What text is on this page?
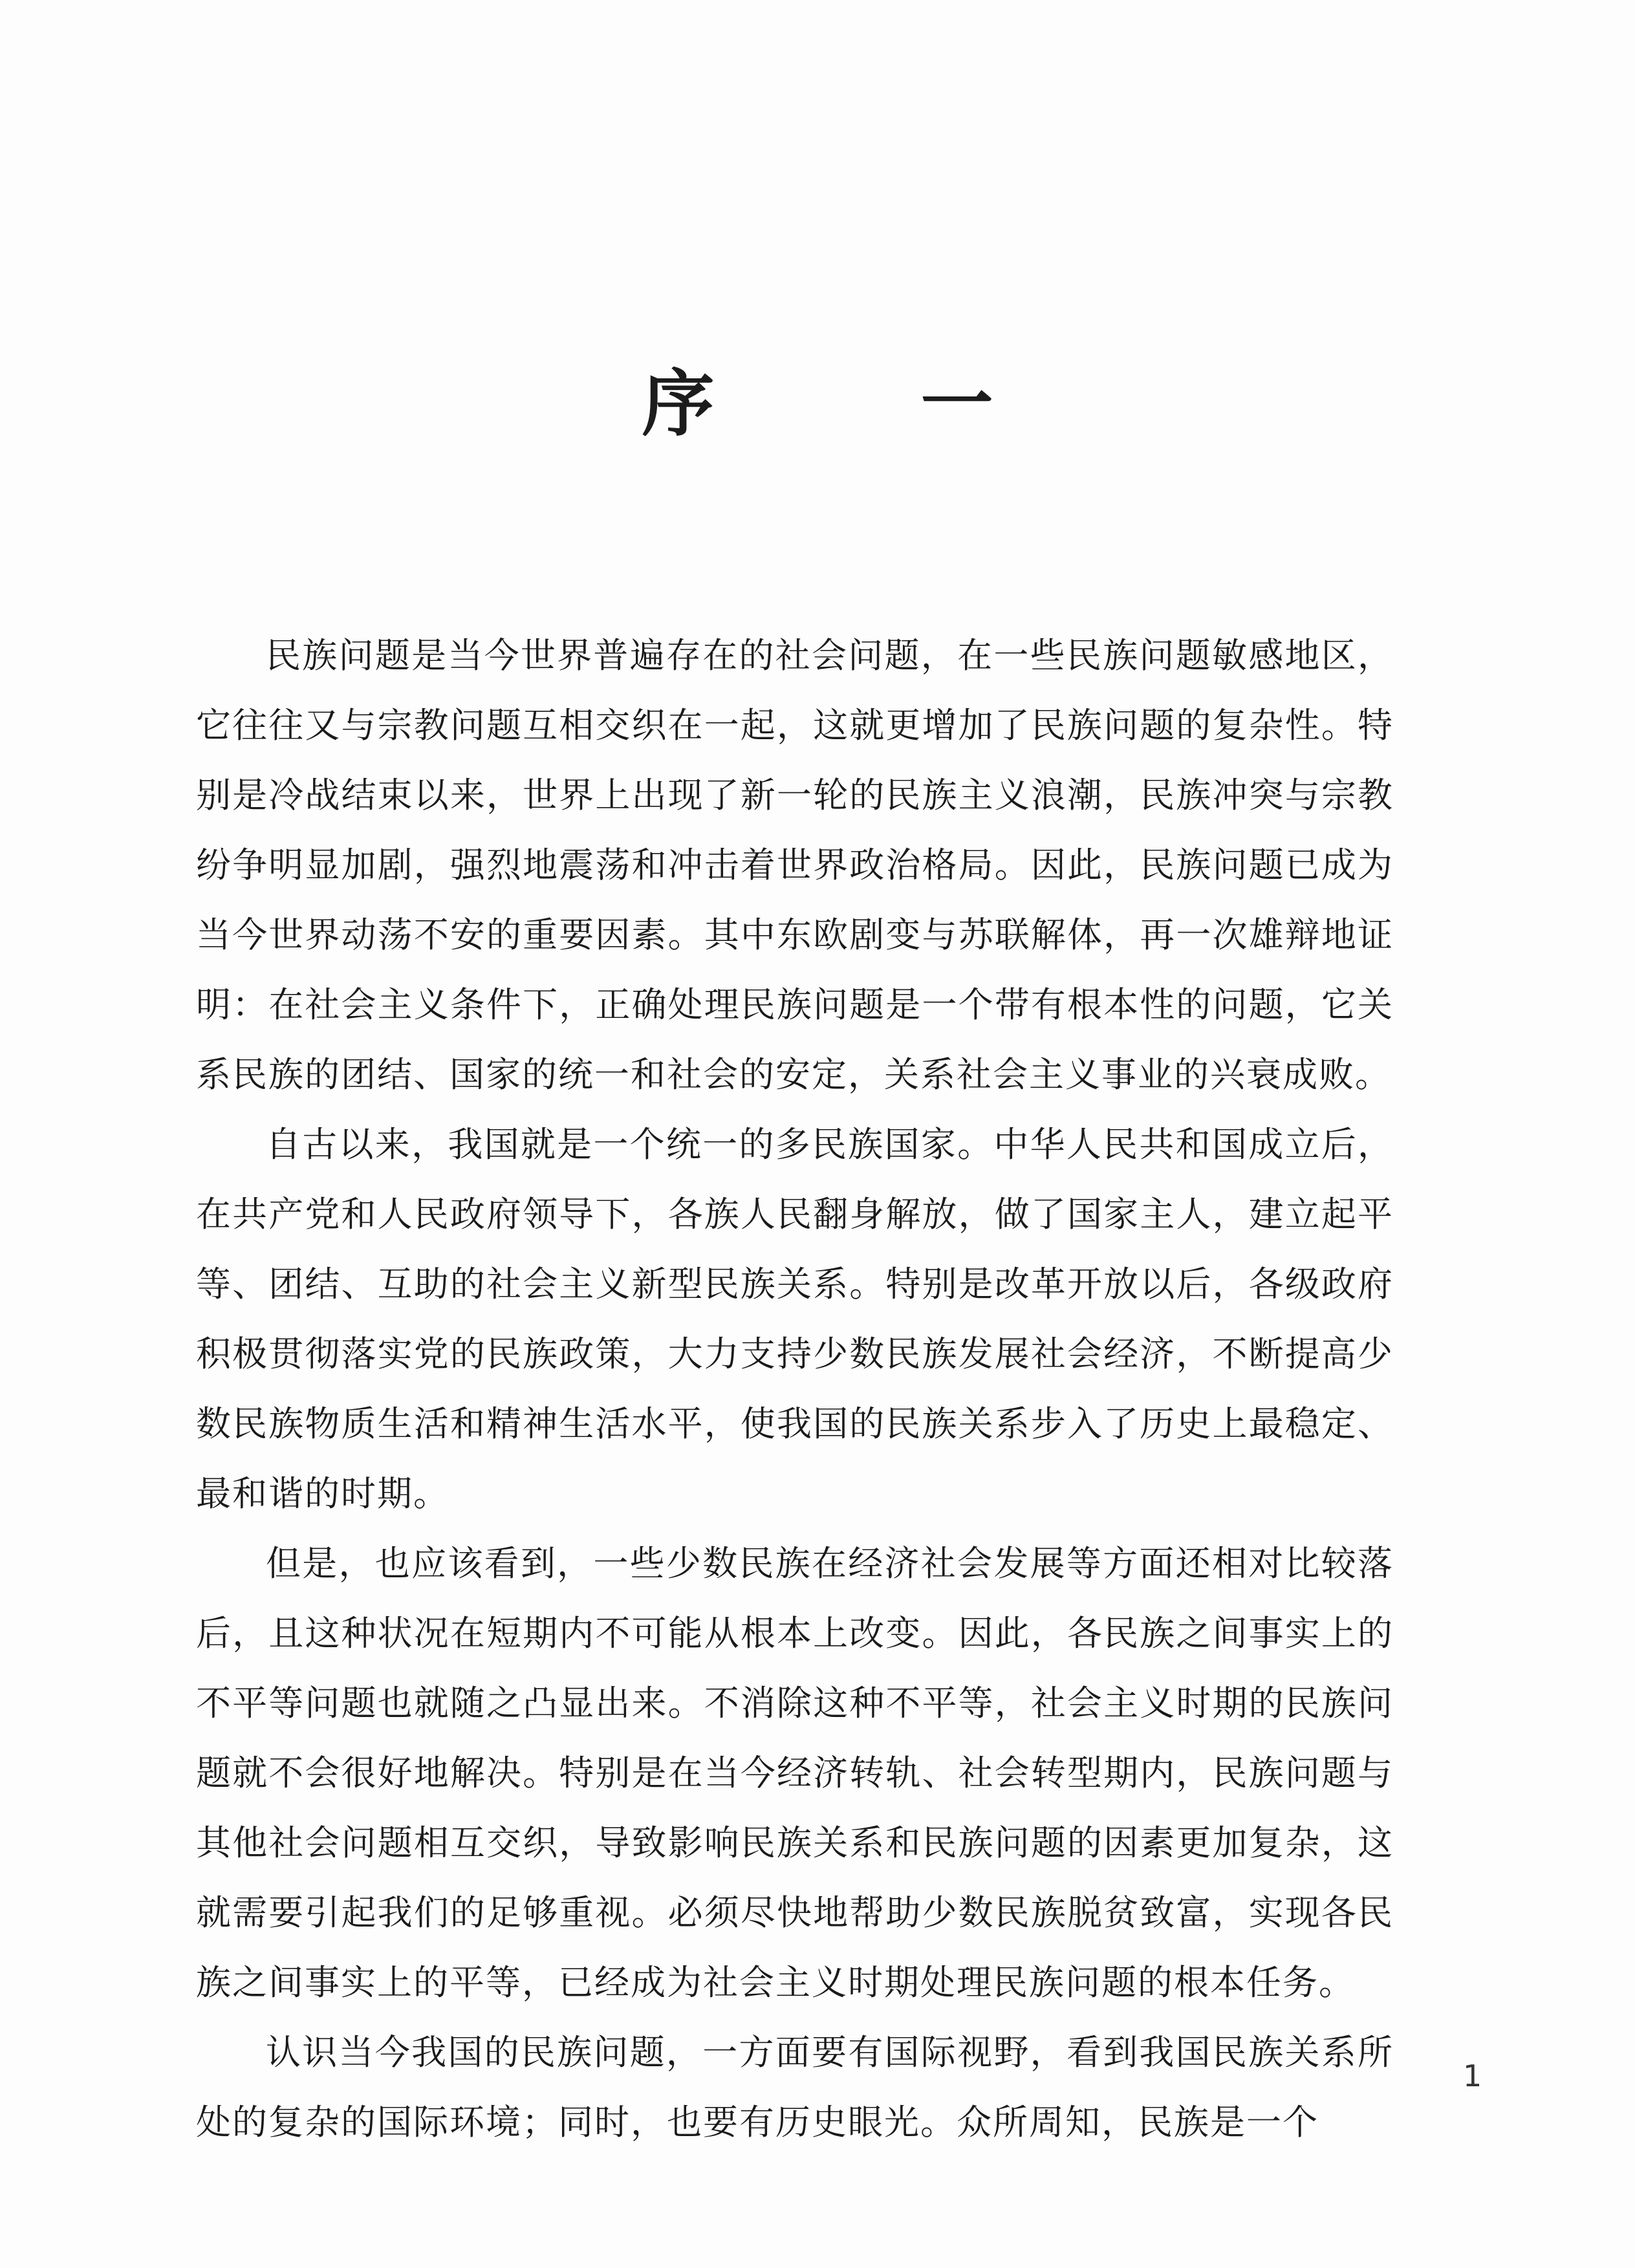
序 一

民族问题是当今世界普遍存在的社会问题，在一些民族问题敏感地区，它往往又与宗教问题互相交织在一起，这就更增加了民族问题的复杂性。特别是冷战结束以来，世界上出现了新一轮的民族主义浪潮，民族冲突与宗教纷争明显加剧，强烈地震荡和冲击着世界政治格局。因此，民族问题已成为当今世界动荡不安的重要因素。其中东欧剧变与苏联解体，再一次雄辩地证明：在社会主义条件下，正确处理民族问题是一个带有根本性的问题，它关系民族的团结、国家的统一和社会的安定，关系社会主义事业的兴衰成败。

自古以来，我国就是一个统一的多民族国家。中华人民共和国成立后，在共产党和人民政府领导下，各族人民翻身解放，做了国家主人，建立起平等、团结、互助的社会主义新型民族关系。特别是改革开放以后，各级政府积极贯彻落实党的民族政策，大力支持少数民族发展社会经济，不断提高少数民族物质生活和精神生活水平，使我国的民族关系步入了历史上最稳定、最和谐的时期。

但是，也应该看到，一些少数民族在经济社会发展等方面还相对比较落后，且这种状况在短期内不可能从根本上改变。因此，各民族之间事实上的不平等问题也就随之凸显出来。不消除这种不平等，社会主义时期的民族问题就不会很好地解决。特别是在当今经济转轨、社会转型期内，民族问题与其他社会问题相互交织，导致影响民族关系和民族问题的因素更加复杂，这就需要引起我们的足够重视。必须尽快地帮助少数民族脱贫致富，实现各民族之间事实上的平等，已经成为社会主义时期处理民族问题的根本任务。

认识当今我国的民族问题，一方面要有国际视野，看到我国民族关系所处的复杂的国际环境；同时，也要有历史眼光。众所周知，民族是一个

1
